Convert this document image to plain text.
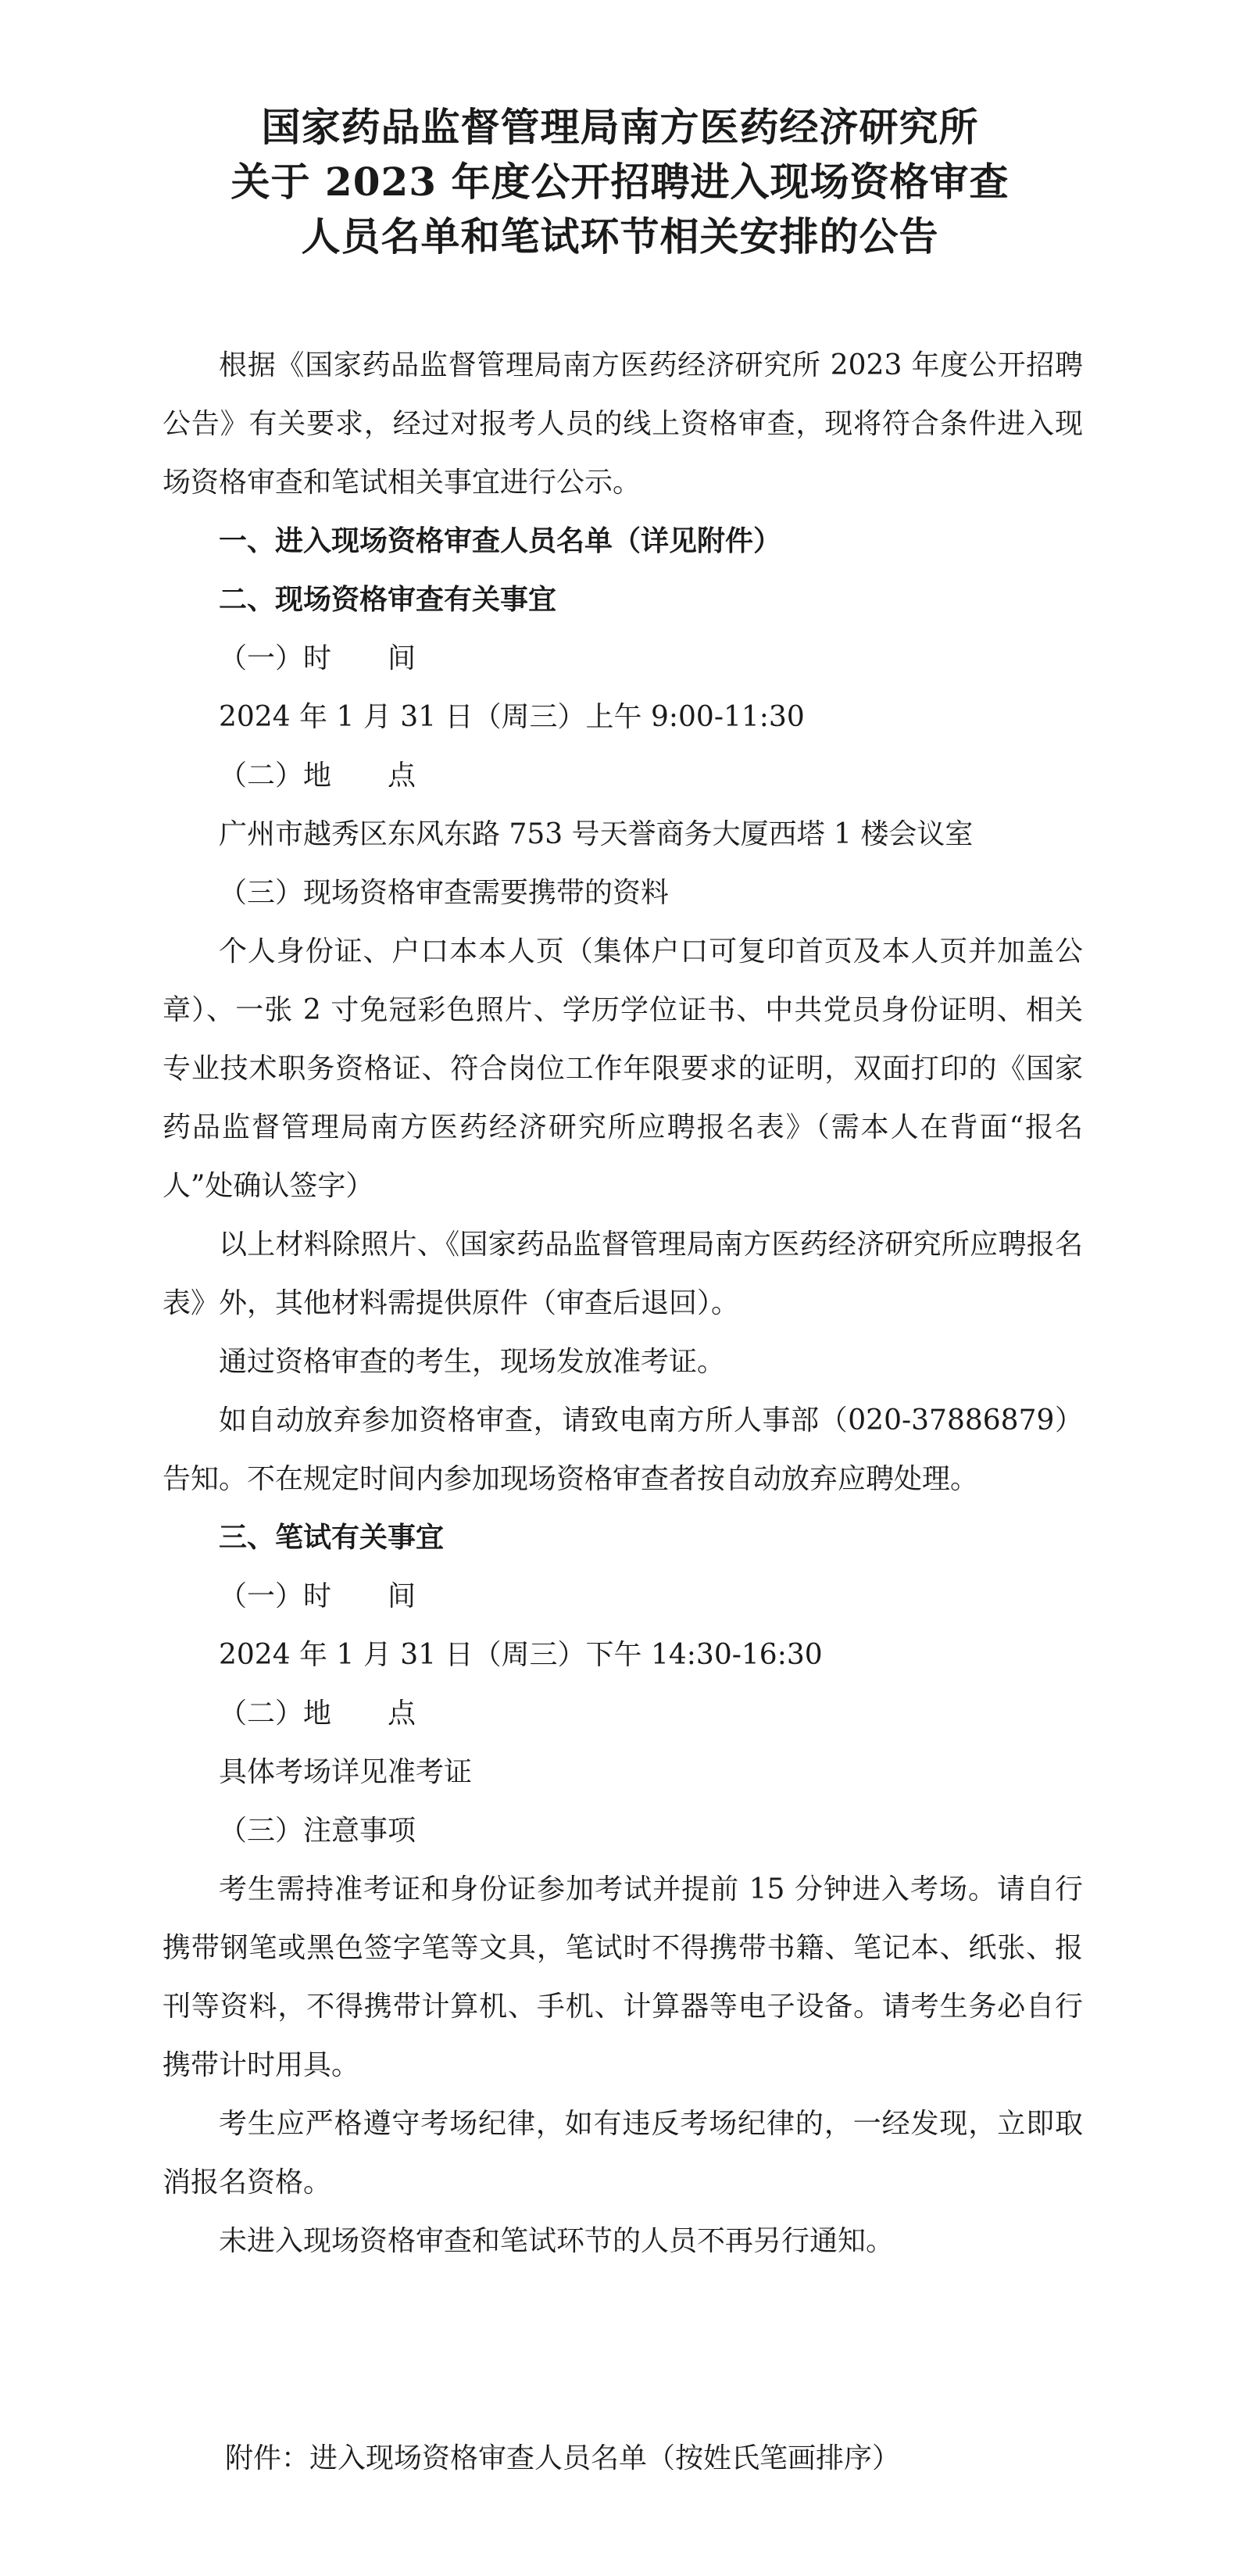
国家药品监督管理局南方医药经济研究所
关于 2023 年度公开招聘进入现场资格审查
人员名单和笔试环节相关安排的公告

根据《国家药品监督管理局南方医药经济研究所 2023 年度公开招聘公告》有关要求，经过对报考人员的线上资格审查，现将符合条件进入现场资格审查和笔试相关事宜进行公示。

一、进入现场资格审查人员名单（详见附件）

二、现场资格审查有关事宜

（一）时　　间

2024 年 1 月 31 日（周三）上午 9:00-11:30

（二）地　　点

广州市越秀区东风东路 753 号天誉商务大厦西塔 1 楼会议室

（三）现场资格审查需要携带的资料

个人身份证、户口本本人页（集体户口可复印首页及本人页并加盖公章）、一张 2 寸免冠彩色照片、学历学位证书、中共党员身份证明、相关专业技术职务资格证、符合岗位工作年限要求的证明，双面打印的《国家药品监督管理局南方医药经济研究所应聘报名表》（需本人在背面“报名人”处确认签字）

以上材料除照片、《国家药品监督管理局南方医药经济研究所应聘报名表》外，其他材料需提供原件（审查后退回）。

通过资格审查的考生，现场发放准考证。

如自动放弃参加资格审查，请致电南方所人事部（020-37886879）告知。不在规定时间内参加现场资格审查者按自动放弃应聘处理。

三、笔试有关事宜

（一）时　　间

2024 年 1 月 31 日（周三）下午 14:30-16:30

（二）地　　点

具体考场详见准考证

（三）注意事项

考生需持准考证和身份证参加考试并提前 15 分钟进入考场。请自行携带钢笔或黑色签字笔等文具，笔试时不得携带书籍、笔记本、纸张、报刊等资料，不得携带计算机、手机、计算器等电子设备。请考生务必自行携带计时用具。

考生应严格遵守考场纪律，如有违反考场纪律的，一经发现，立即取消报名资格。

未进入现场资格审查和笔试环节的人员不再另行通知。

附件：进入现场资格审查人员名单（按姓氏笔画排序）
